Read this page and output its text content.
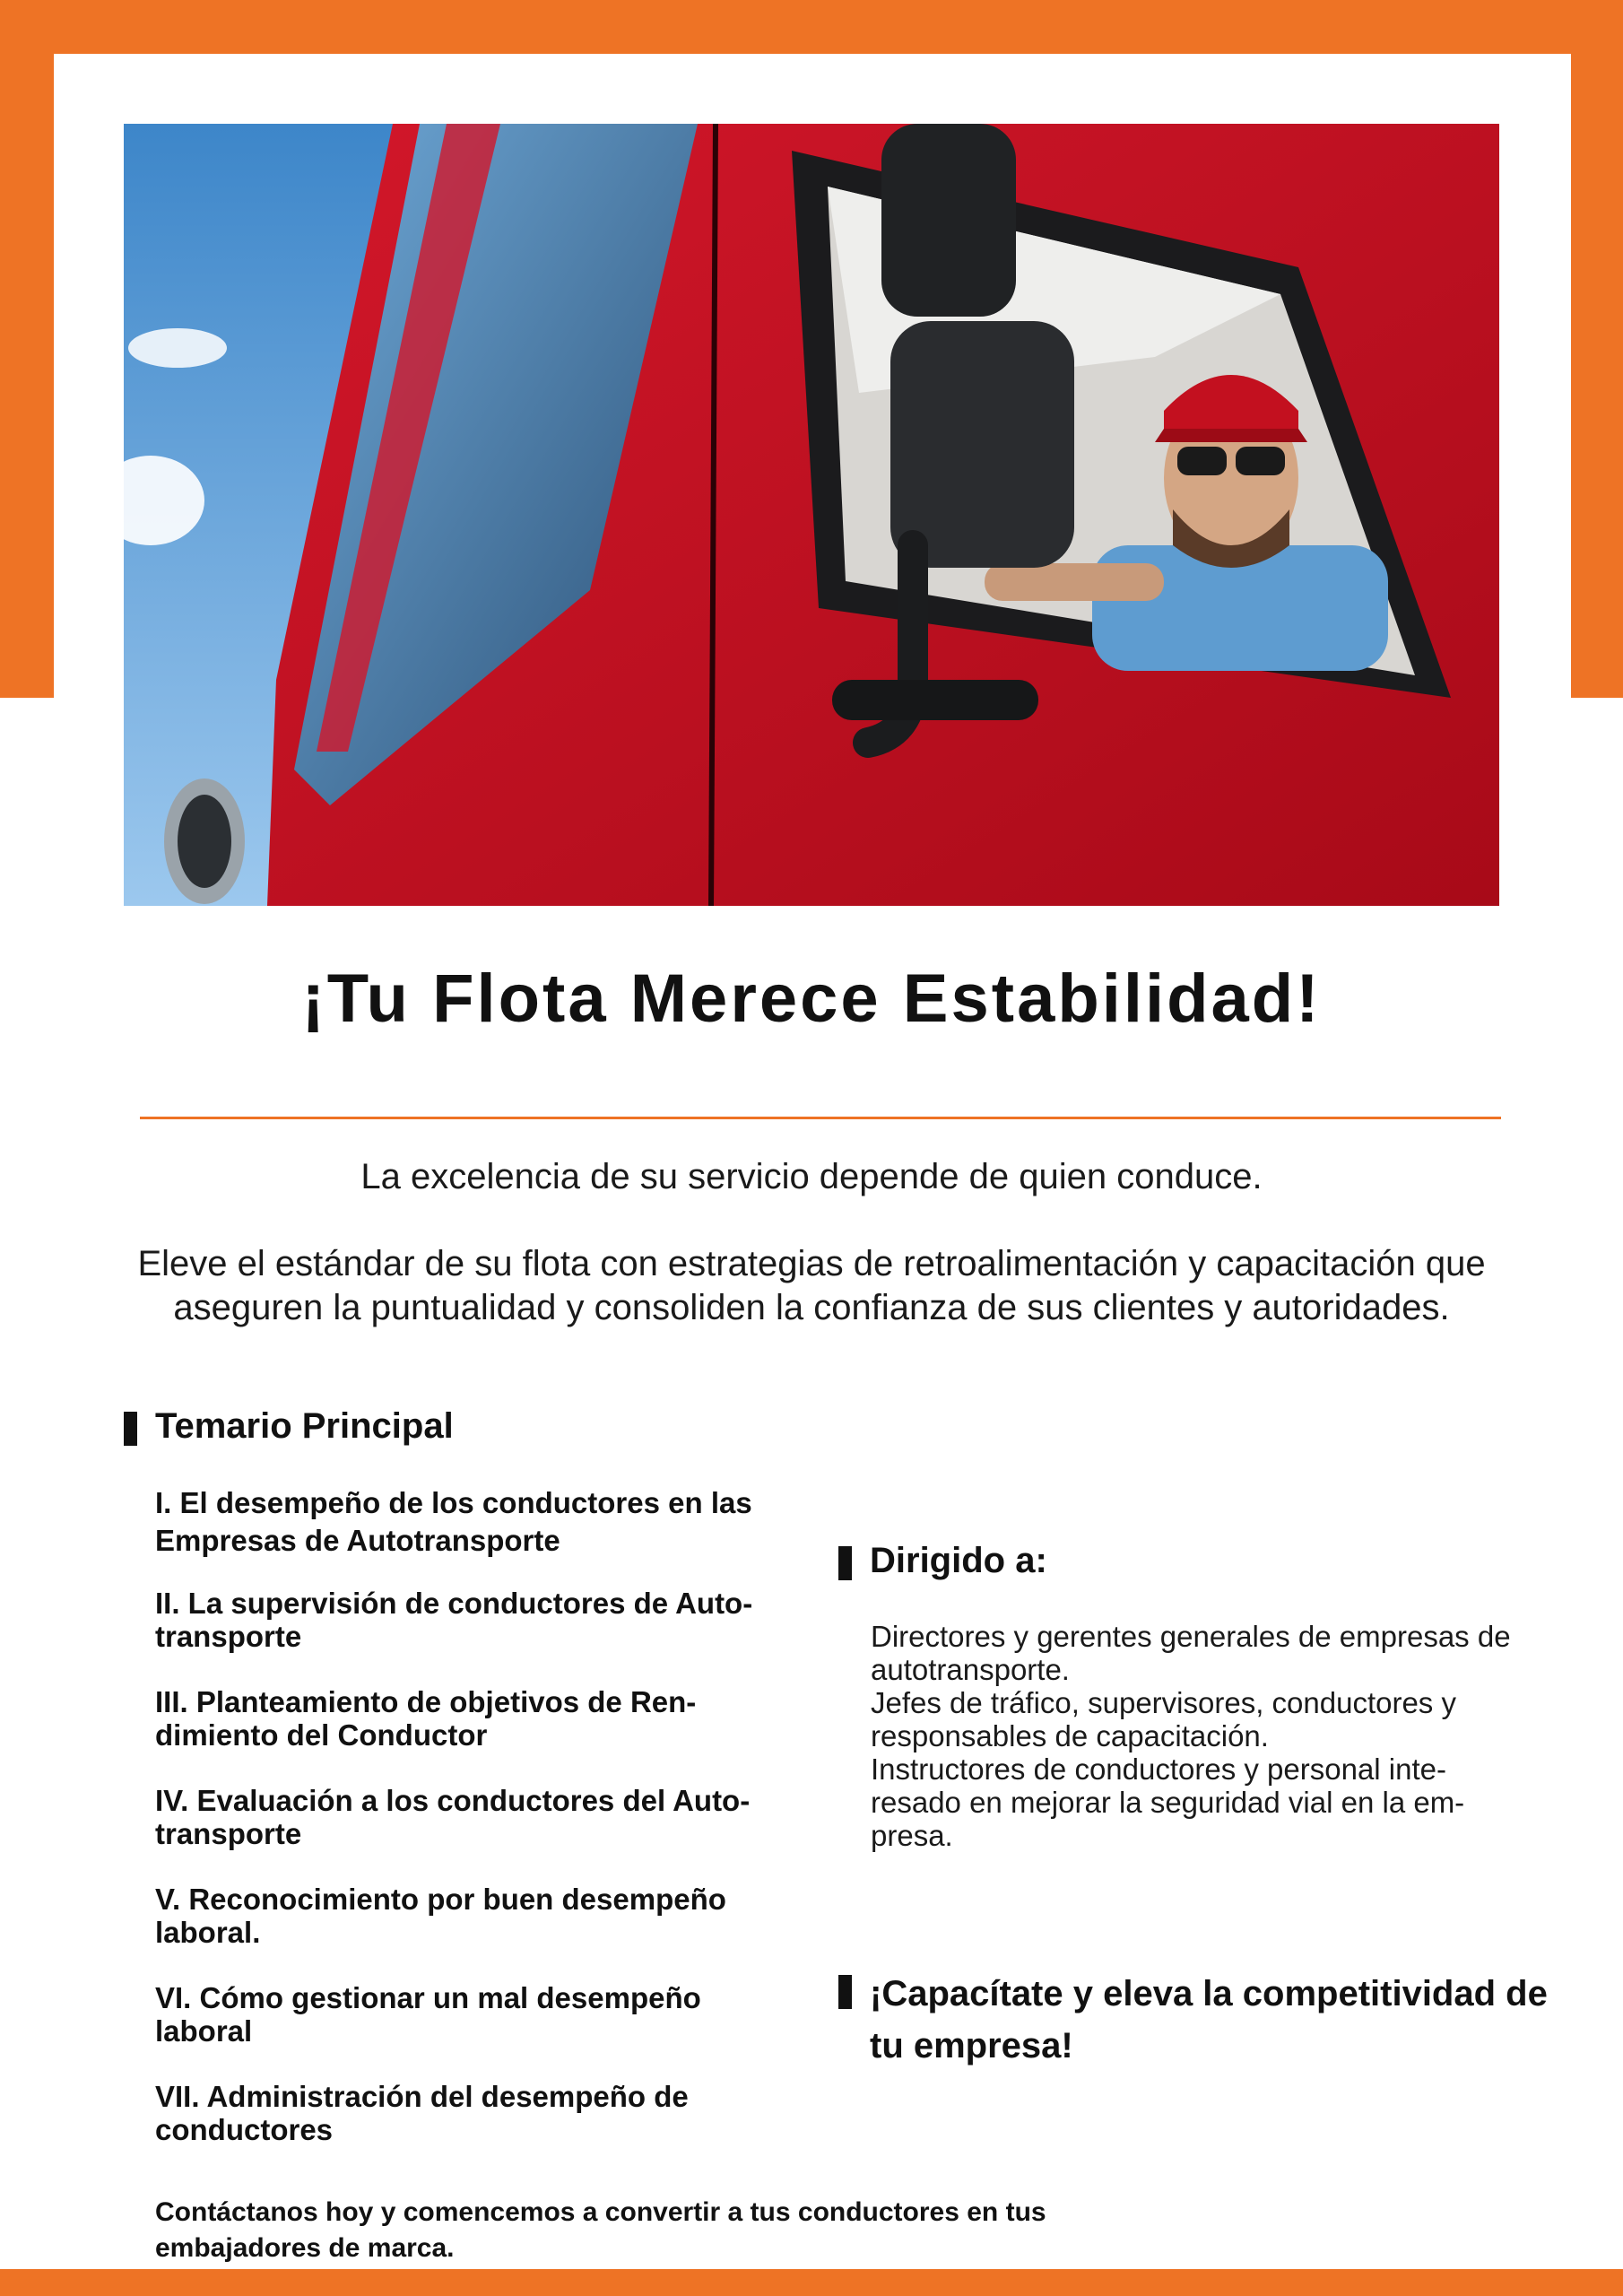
¡Tu Flota Merece Estabilidad!

La excelencia de su servicio depende de quien conduce.

Eleve el estándar de su flota con estrategias de retroalimentación y capacitación que aseguren la puntualidad y consoliden la confianza de sus clientes y autoridades.

Temario Principal

I. El desempeño de los conductores en las Empresas de Autotransporte

II. La supervisión de conductores de Auto-transporte

III. Planteamiento de objetivos de Ren-dimiento del Conductor

IV. Evaluación a los conductores del Auto-transporte

V. Reconocimiento por buen desempeño laboral.

VI. Cómo gestionar un mal desempeño laboral

VII. Administración del desempeño de conductores

Dirigido a:

Directores y gerentes generales de empresas de autotransporte.

Jefes de tráfico, supervisores, conductores y responsables de capacitación.

Instructores de conductores y personal inte-resado en mejorar la seguridad vial en la em-presa.

¡Capacítate y eleva la competitividad de tu empresa!

Contáctanos hoy y comencemos a convertir a tus conductores en tus embajadores de marca.
